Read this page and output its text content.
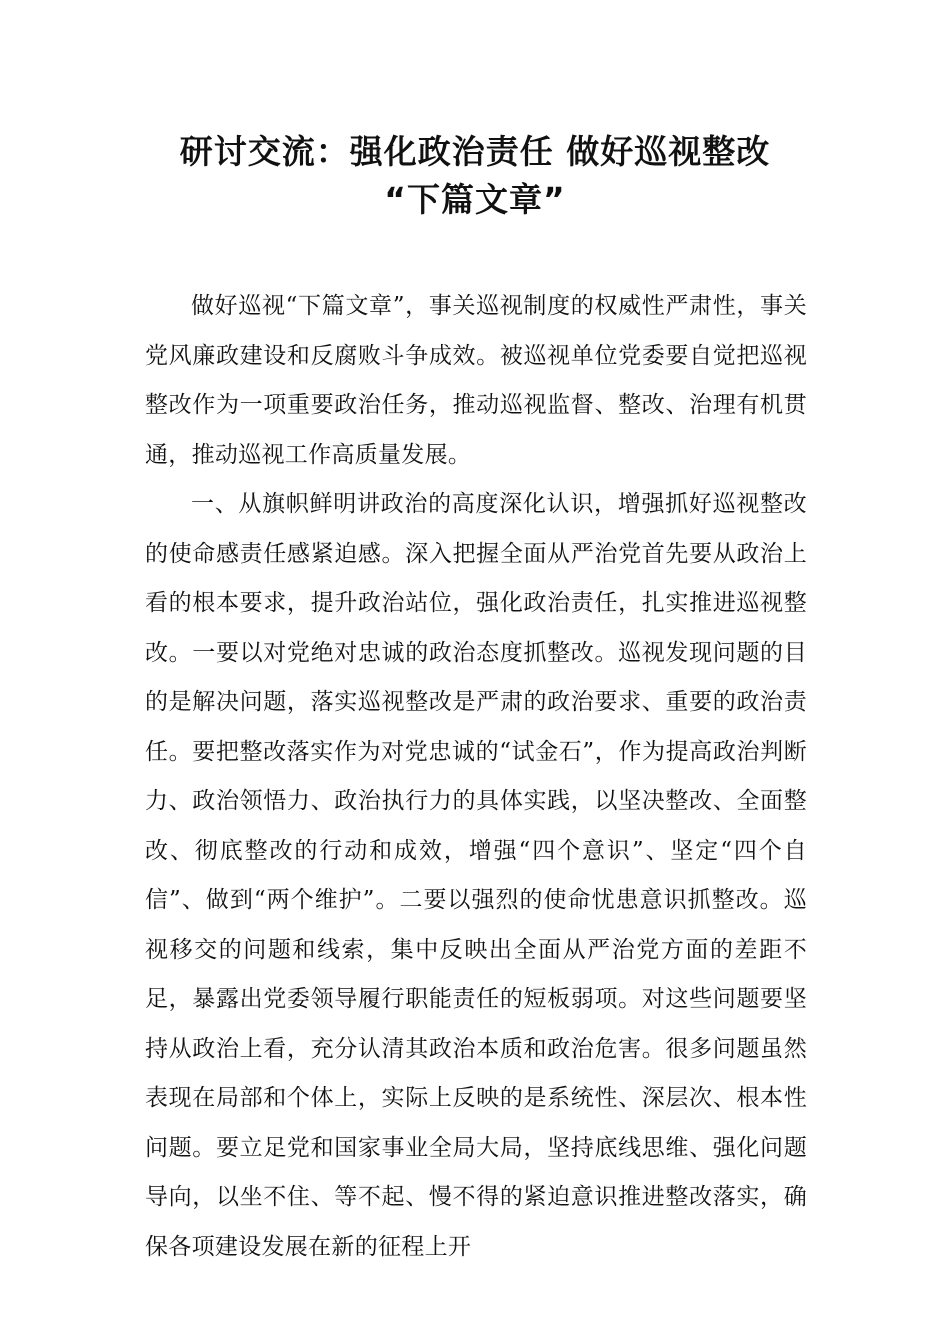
研讨交流：强化政治责任 做好巡视整改
“下篇文章”

做好巡视“下篇文章”，事关巡视制度的权威性严肃性，事关党风廉政建设和反腐败斗争成效。被巡视单位党委要自觉把巡视整改作为一项重要政治任务，推动巡视监督、整改、治理有机贯通，推动巡视工作高质量发展。

一、从旗帜鲜明讲政治的高度深化认识，增强抓好巡视整改的使命感责任感紧迫感。深入把握全面从严治党首先要从政治上看的根本要求，提升政治站位，强化政治责任，扎实推进巡视整改。一要以对党绝对忠诚的政治态度抓整改。巡视发现问题的目的是解决问题，落实巡视整改是严肃的政治要求、重要的政治责任。要把整改落实作为对党忠诚的“试金石”，作为提高政治判断力、政治领悟力、政治执行力的具体实践，以坚决整改、全面整改、彻底整改的行动和成效，增强“四个意识”、坚定“四个自信”、做到“两个维护”。二要以强烈的使命忧患意识抓整改。巡视移交的问题和线索，集中反映出全面从严治党方面的差距不足，暴露出党委领导履行职能责任的短板弱项。对这些问题要坚持从政治上看，充分认清其政治本质和政治危害。很多问题虽然表现在局部和个体上，实际上反映的是系统性、深层次、根本性问题。要立足党和国家事业全局大局，坚持底线思维、强化问题导向，以坐不住、等不起、慢不得的紧迫意识推进整改落实，确保各项建设发展在新的征程上开
